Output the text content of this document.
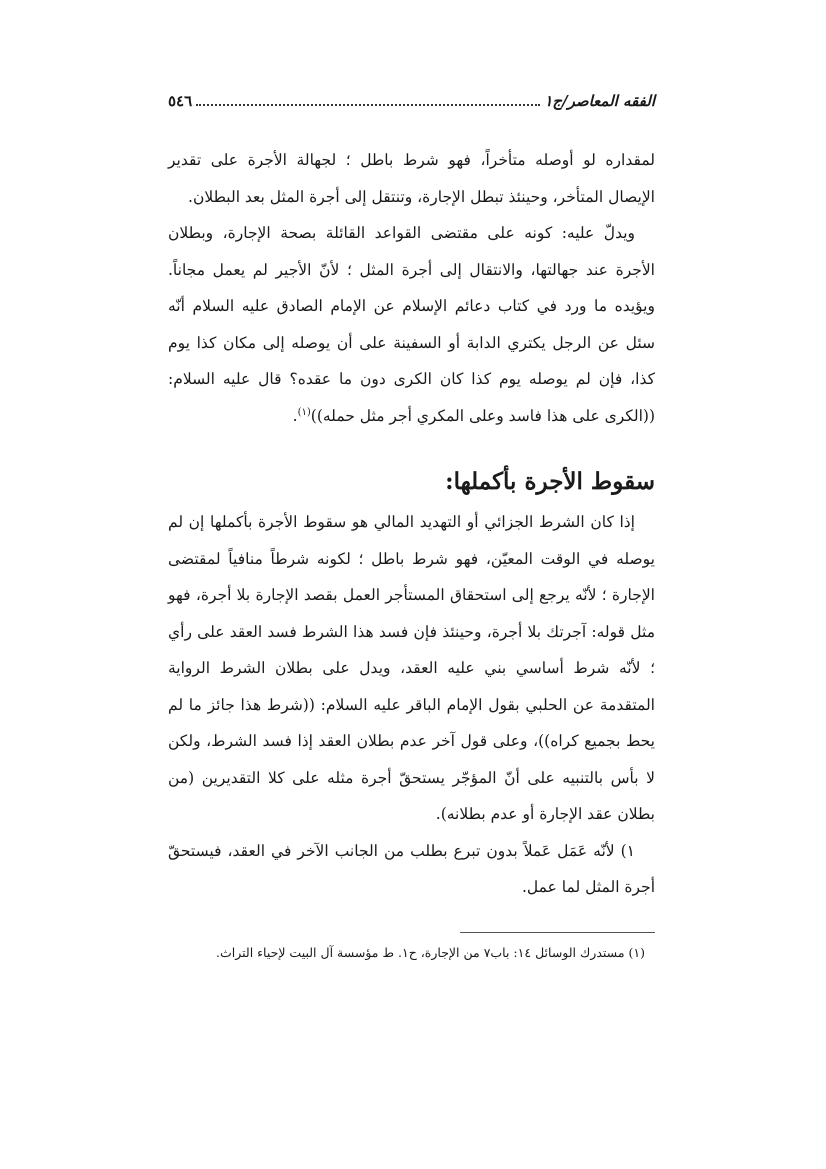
الفقه المعاصر/ج١
٥٤٦

لمقداره لو أوصله متأخراً، فهو شرط باطل ؛ لجهالة الأجرة على تقدير الإيصال المتأخر، وحينئذ تبطل الإجارة، وتنتقل إلى أجرة المثل بعد البطلان.

ويدلّ عليه: كونه على مقتضى القواعد القائلة بصحة الإجارة، وبطلان الأجرة عند جهالتها، والانتقال إلى أجرة المثل ؛ لأنّ الأجير لم يعمل مجاناً. ويؤيده ما ورد في كتاب دعائم الإسلام عن الإمام الصادق عليه السلام أنّه سئل عن الرجل يكتري الدابة أو السفينة على أن يوصله إلى مكان كذا يوم كذا، فإن لم يوصله يوم كذا كان الكرى دون ما عقده؟ قال عليه السلام: ((الكرى على هذا فاسد وعلى المكري أجر مثل حمله))$^{(١)}$.

سقوط الأجرة بأكملها:

إذا كان الشرط الجزائي أو التهديد المالي هو سقوط الأجرة بأكملها إن لم يوصله في الوقت المعيّن، فهو شرط باطل ؛ لكونه شرطاً منافياً لمقتضى الإجارة ؛ لأنّه يرجع إلى استحقاق المستأجر العمل بقصد الإجارة بلا أجرة، فهو مثل قوله: آجرتك بلا أجرة، وحينئذ فإن فسد هذا الشرط فسد العقد على رأي ؛ لأنّه شرط أساسي بني عليه العقد، ويدل على بطلان الشرط الرواية المتقدمة عن الحلبي بقول الإمام الباقر عليه السلام: ((شرط هذا جائز ما لم يحط بجميع كراه))، وعلى قول آخر عدم بطلان العقد إذا فسد الشرط، ولكن لا بأس بالتنبيه على أنّ المؤجّر يستحقّ أجرة مثله على كلا التقديرين (من بطلان عقد الإجارة أو عدم بطلانه).

١) لأنّه عَمَل عَملاً بدون تبرع بطلب من الجانب الآخر في العقد، فيستحقّ أجرة المثل لما عمل.

(١) مستدرك الوسائل ١٤: باب٧ من الإجارة، ح١. ط مؤسسة آل البيت لإحياء التراث.
